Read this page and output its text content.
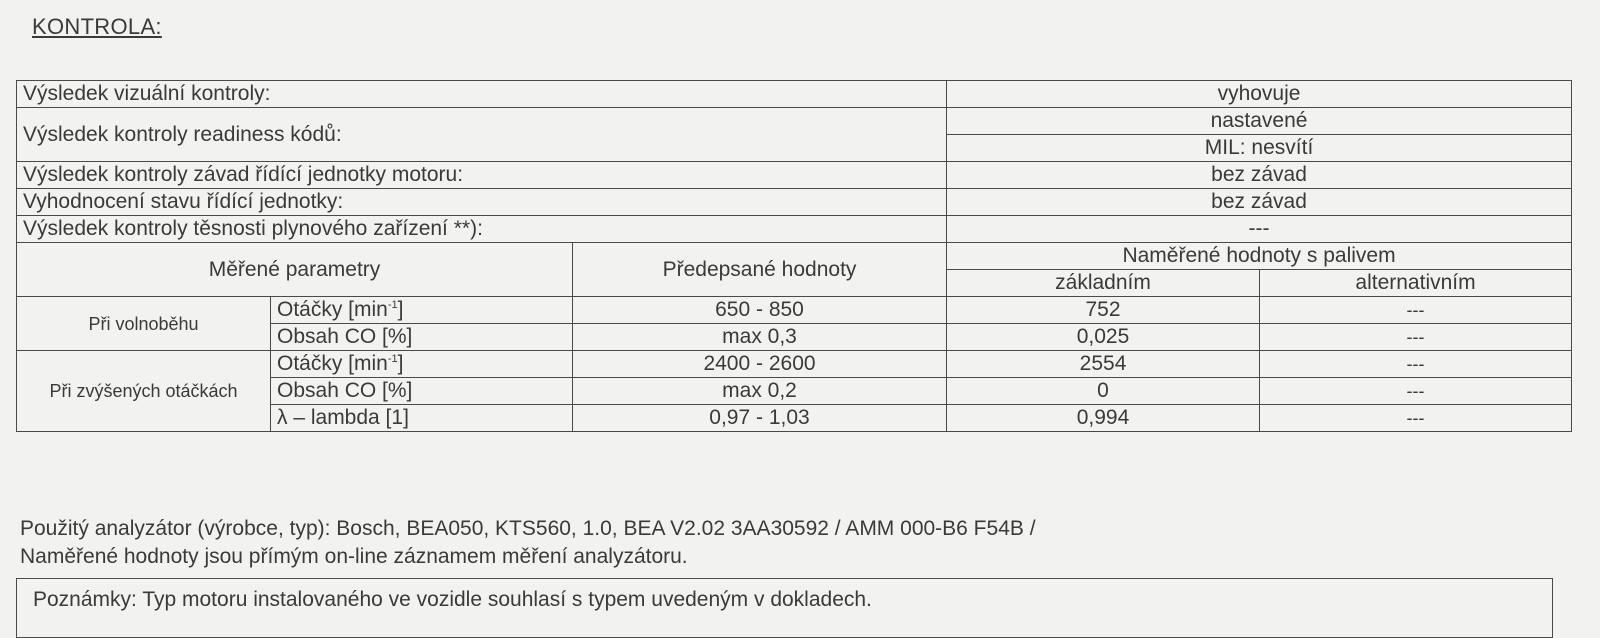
KONTROLA:
Výsledek vizuální kontroly:			vyhovuje	
Výsledek kontroly readiness kódů:			nastavené	
			MIL: nesvítí	
Výsledek kontroly závad řídící jednotky motoru:			bez závad	
Vyhodnocení stavu řídící jednotky:			bez závad	
Výsledek kontroly těsnosti plynového zařízení **):			---	
Měřené parametry		Předepsané hodnoty	Naměřené hodnoty s palivem	
			základním	alternativním
Při volnoběhu	Otáčky $[\min^{-1}]$	650 - 850	752	---
	Obsah CO [%]	max 0,3	0,025	---
Při zvýšených otáčkách	Otáčky $[\min^{-1}]$	2400 - 2600	2554	---
	Obsah CO [%]	max 0,2	0	---
	λ – lambda [1]	0,97 - 1,03	0,994	---
Použitý analyzátor (výrobce, typ): Bosch, BEA050, KTS560, 1.0, BEA V2.02 3AA30592 / AMM 000-B6 F54B /
Naměřené hodnoty jsou přímým on-line záznamem měření analyzátoru.
Poznámky: Typ motoru instalovaného ve vozidle souhlasí s typem uvedeným v dokladech.
